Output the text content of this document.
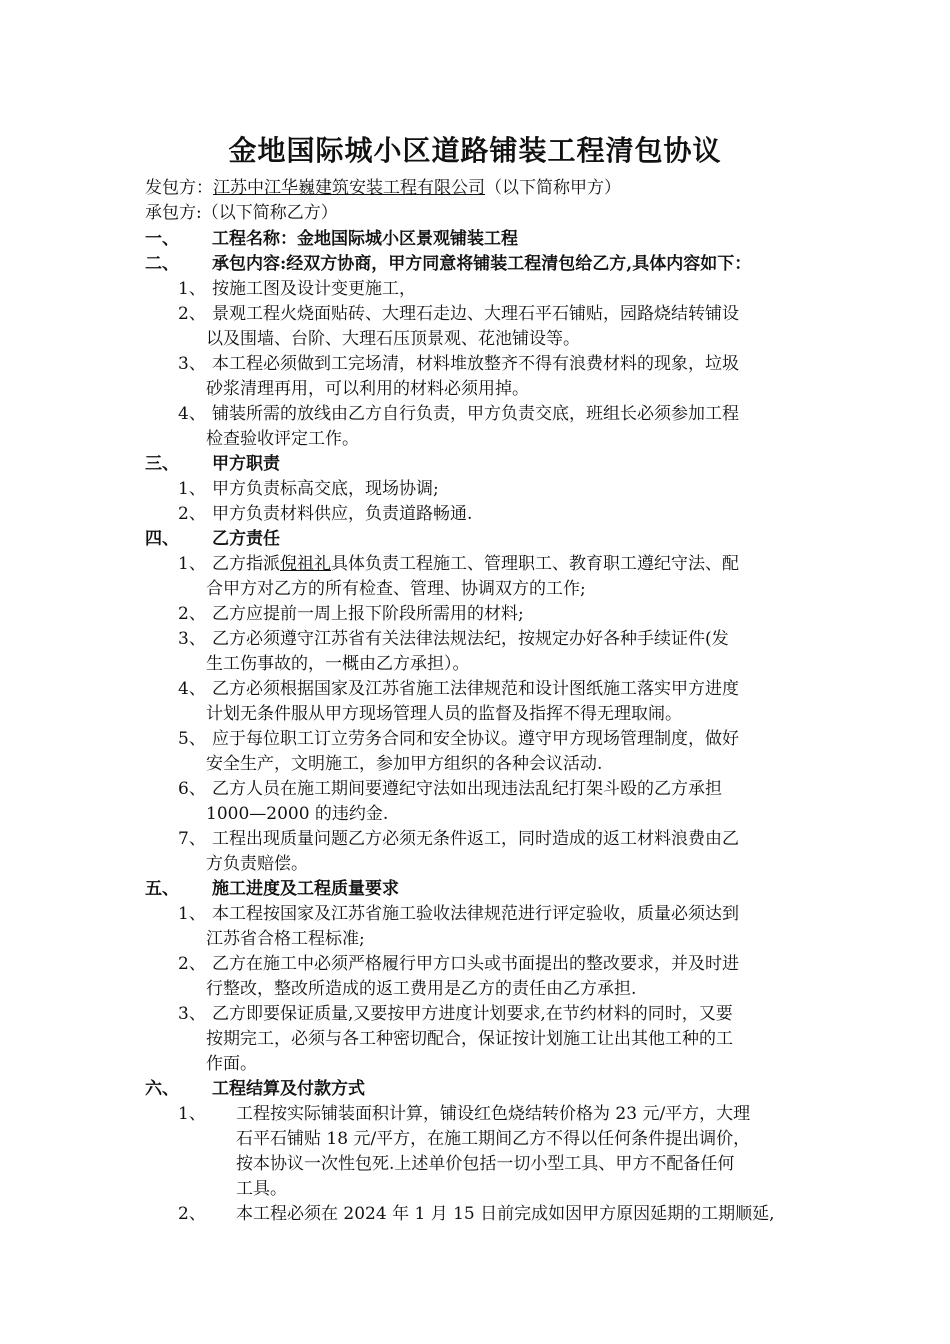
金地国际城小区道路铺装工程清包协议
发包方：江苏中江华巍建筑安装工程有限公司（以下简称甲方）
承包方:（以下简称乙方）
一、 工程名称：金地国际城小区景观铺装工程
二、 承包内容:经双方协商，甲方同意将铺装工程清包给乙方,具体内容如下：
1、 按施工图及设计变更施工，
2、 景观工程火烧面贴砖、大理石走边、大理石平石铺贴，园路烧结转铺设
以及围墙、台阶、大理石压顶景观、花池铺设等。
3、 本工程必须做到工完场清，材料堆放整齐不得有浪费材料的现象，垃圾
砂浆清理再用，可以利用的材料必须用掉。
4、 铺装所需的放线由乙方自行负责，甲方负责交底，班组长必须参加工程
检查验收评定工作。
三、 甲方职责
1、 甲方负责标高交底，现场协调;
2、 甲方负责材料供应，负责道路畅通.
四、 乙方责任
1、 乙方指派倪祖礼具体负责工程施工、管理职工、教育职工遵纪守法、配
合甲方对乙方的所有检查、管理、协调双方的工作;
2、 乙方应提前一周上报下阶段所需用的材料;
3、 乙方必须遵守江苏省有关法律法规法纪，按规定办好各种手续证件(发
生工伤事故的，一概由乙方承担）。
4、 乙方必须根据国家及江苏省施工法律规范和设计图纸施工落实甲方进度
计划无条件服从甲方现场管理人员的监督及指挥不得无理取闹。
5、 应于每位职工订立劳务合同和安全协议。遵守甲方现场管理制度，做好
安全生产，文明施工，参加甲方组织的各种会议活动.
6、 乙方人员在施工期间要遵纪守法如出现违法乱纪打架斗殴的乙方承担
1000—2000 的违约金.
7、 工程出现质量问题乙方必须无条件返工，同时造成的返工材料浪费由乙
方负责赔偿。
五、 施工进度及工程质量要求
1、 本工程按国家及江苏省施工验收法律规范进行评定验收，质量必须达到
江苏省合格工程标准;
2、 乙方在施工中必须严格履行甲方口头或书面提出的整改要求，并及时进
行整改，整改所造成的返工费用是乙方的责任由乙方承担.
3、 乙方即要保证质量,又要按甲方进度计划要求,在节约材料的同时，又要
按期完工，必须与各工种密切配合，保证按计划施工让出其他工种的工
作面。
六、 工程结算及付款方式
1、 工程按实际铺装面积计算，铺设红色烧结转价格为 23 元/平方，大理
石平石铺贴 18 元/平方，在施工期间乙方不得以任何条件提出调价，
按本协议一次性包死.上述单价包括一切小型工具、甲方不配备任何
工具。
2、 本工程必须在 2024 年 1 月 15 日前完成如因甲方原因延期的工期顺延,
